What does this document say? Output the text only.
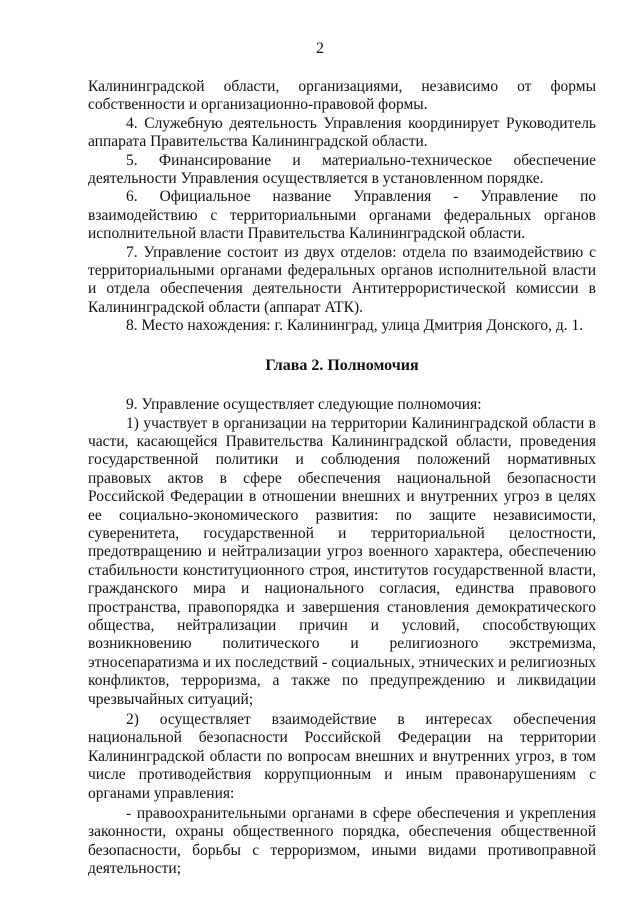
2

Калининградской области, организациями, независимо от формы собственности и организационно-правовой формы.

4. Служебную деятельность Управления координирует Руководитель аппарата Правительства Калининградской области.

5. Финансирование и материально-техническое обеспечение деятельности Управления осуществляется в установленном порядке.

6. Официальное название Управления - Управление по взаимодействию с территориальными органами федеральных органов исполнительной власти Правительства Калининградской области.

7. Управление состоит из двух отделов: отдела по взаимодействию с территориальными органами федеральных органов исполнительной власти и отдела обеспечения деятельности Антитеррористической комиссии в Калининградской области (аппарат АТК).

8. Место нахождения: г. Калининград, улица Дмитрия Донского, д. 1.

Глава 2. Полномочия

9. Управление осуществляет следующие полномочия:

1) участвует в организации на территории Калининградской области в части, касающейся Правительства Калининградской области, проведения государственной политики и соблюдения положений нормативных правовых актов в сфере обеспечения национальной безопасности Российской Федерации в отношении внешних и внутренних угроз в целях ее социально-экономического развития: по защите независимости, суверенитета, государственной и территориальной целостности, предотвращению и нейтрализации угроз военного характера, обеспечению стабильности конституционного строя, институтов государственной власти, гражданского мира и национального согласия, единства правового пространства, правопорядка и завершения становления демократического общества, нейтрализации причин и условий, способствующих возникновению политического и религиозного экстремизма, этносепаратизма и их последствий - социальных, этнических и религиозных конфликтов, терроризма, а также по предупреждению и ликвидации чрезвычайных ситуаций;

2) осуществляет взаимодействие в интересах обеспечения национальной безопасности Российской Федерации на территории Калининградской области по вопросам внешних и внутренних угроз, в том числе противодействия коррупционным и иным правонарушениям с органами управления:

- правоохранительными органами в сфере обеспечения и укрепления законности, охраны общественного порядка, обеспечения общественной безопасности, борьбы с терроризмом, иными видами противоправной деятельности;
